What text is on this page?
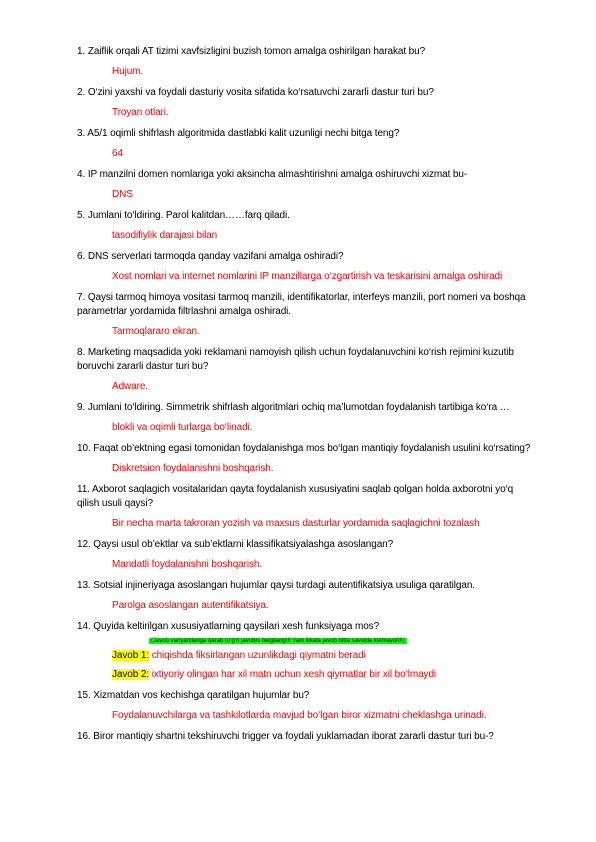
1. Zaiflik orqali AT tizimi xavfsizligini buzish tomon amalga oshirilgan harakat bu?

Hujum.

2. O‘zini yaxshi va foydali dasturiy vosita sifatida ko‘rsatuvchi zararli dastur turi bu?

Troyan otlari.

3. A5/1 oqimli shifrlash algoritmida dastlabki kalit uzunligi nechi bitga teng?

64

4. IP manzilni domen nomlariga yoki aksincha almashtirishni amalga oshiruvchi xizmat bu-

DNS

5. Jumlani to‘ldiring. Parol kalitdan……farq qiladi.

tasodifiylik darajasi bilan

6. DNS serverlari tarmoqda qanday vazifani amalga oshiradi?

Xost nomlari va internet nomlarini IP manzillarga o‘zgartirish va teskarisini amalga oshiradi

7. Qaysi tarmoq himoya vositasi tarmoq manzili, identifikatorlar, interfeys manzili, port nomeri va boshqa parametrlar yordamida filtrlashni amalga oshiradi.

Tarmoqlararo ekran.

8. Marketing maqsadida yoki reklamani namoyish qilish uchun foydalanuvchini ko‘rish rejimini kuzutib boruvchi zararli dastur turi bu?

Adware.

9. Jumlani to‘ldiring. Simmetrik shifrlash algoritmlari ochiq ma’lumotdan foydalanish tartibiga ko‘ra …

blokli va oqimli turlarga bo‘linadi.

10. Faqat ob’ektning egasi tomonidan foydalanishga mos bo‘lgan mantiqiy foydalanish usulini ko‘rsating?

Diskretsion foydalanishni boshqarish.

11. Axborot saqlagich vositalaridan qayta foydalanish xususiyatini saqlab qolgan holda axborotni yo‘q qilish usuli qaysi?

Bir necha marta takroran yozish va maxsus dasturlar yordamida saqlagichni tozalash

12. Qaysi usul ob’ektlar va sub’ektlarni klassifikatsiyalashga asoslangan?

Mandatli foydalanishni boshqarish.

13. Sotsial injineriyaga asoslangan hujumlar qaysi turdagi autentifikatsiya usuliga qaratilgan.

Parolga asoslangan autentifikatsiya.

14. Quyida keltirilgan xususiyatlarning qaysilari xesh funksiyaga mos?

(Javob variyantlariga qarab to‘g‘ri javobni belgilang!!! Yani ikkala javob bitta savolda kelmaydi!!!)

Javob 1: chiqishda fiksirlangan uzunlikdagi qiymatni beradi

Javob 2: ixtiyoriy olingan har xil matn uchun xesh qiymatlar bir xil bo‘lmaydi

15. Xizmatdan vos kechishga qaratilgan hujumlar bu?

Foydalanuvchilarga va tashkilotlarda mavjud bo‘lgan biror xizmatni cheklashga urinadi.

16. Biror mantiqiy shartni tekshiruvchi trigger va foydali yuklamadan iborat zararli dastur turi bu-?
